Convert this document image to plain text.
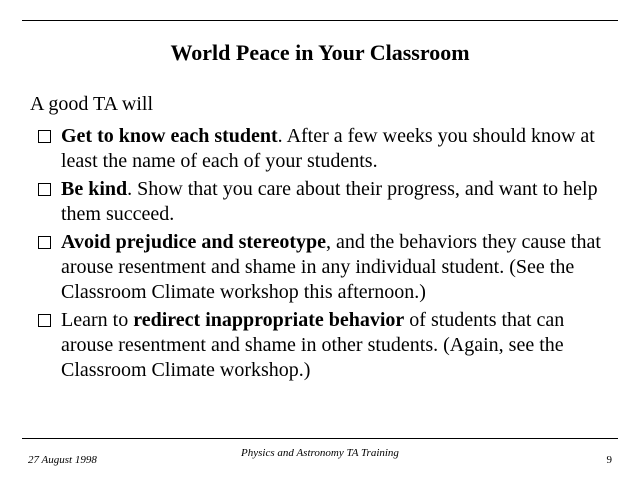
World Peace in Your Classroom
A good TA will
Get to know each student. After a few weeks you should know at least the name of each of your students.
Be kind. Show that you care about their progress, and want to help them succeed.
Avoid prejudice and stereotype, and the behaviors they cause that arouse resentment and shame in any individual student. (See the Classroom Climate workshop this afternoon.)
Learn to redirect inappropriate behavior of students that can arouse resentment and shame in other students. (Again, see the Classroom Climate workshop.)
27 August 1998
Physics and Astronomy TA Training
9
